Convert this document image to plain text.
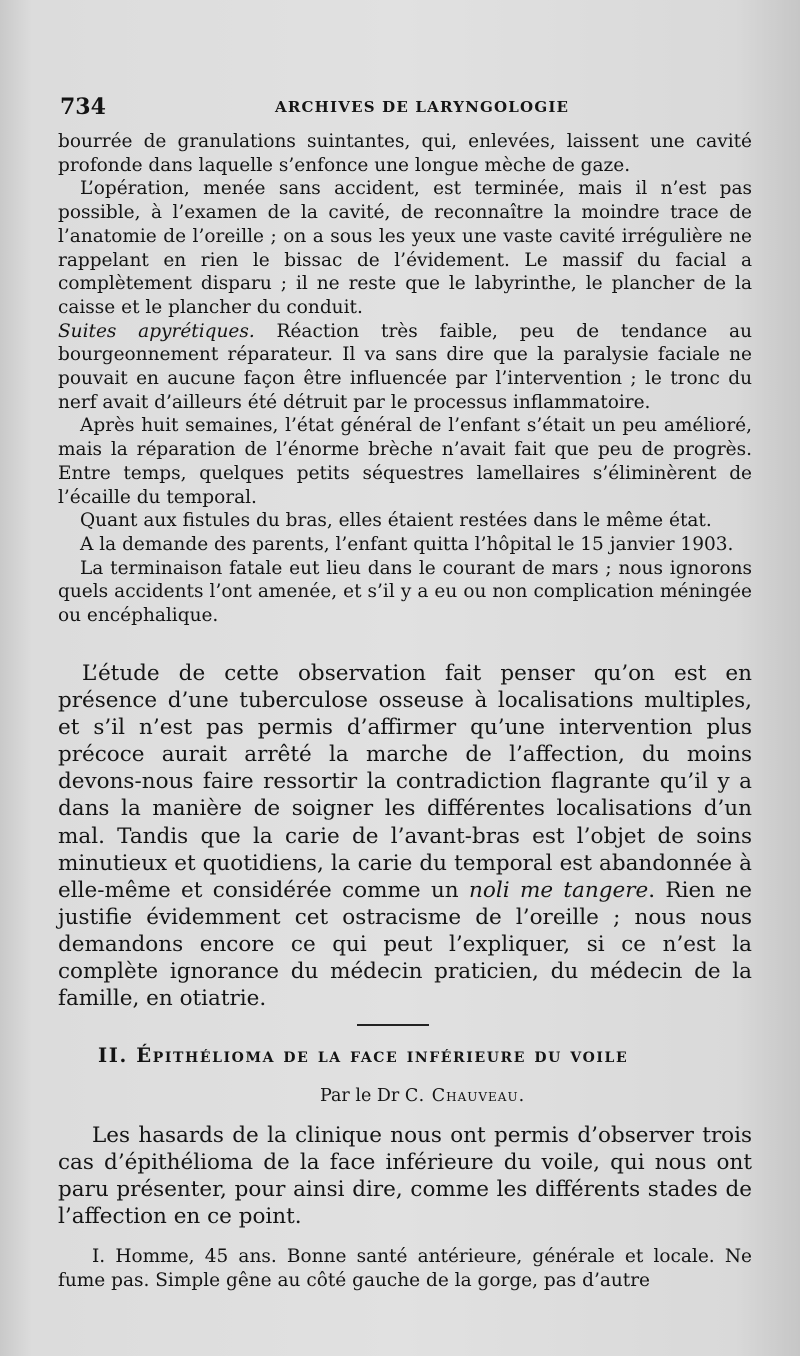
734	ARCHIVES DE LARYNGOLOGIE

bourrée de granulations suintantes, qui, enlevées, laissent une cavité profonde dans laquelle s’enfonce une longue mèche de gaze.

L’opération, menée sans accident, est terminée, mais il n’est pas possible, à l’examen de la cavité, de reconnaître la moindre trace de l’anatomie de l’oreille ; on a sous les yeux une vaste cavité irrégulière ne rappelant en rien le bissac de l’évidement. Le massif du facial a complètement disparu ; il ne reste que le labyrinthe, le plancher de la caisse et le plancher du conduit.

Suites apyrétiques. Réaction très faible, peu de tendance au bourgeonnement réparateur. Il va sans dire que la paralysie faciale ne pouvait en aucune façon être influencée par l’intervention ; le tronc du nerf avait d’ailleurs été détruit par le processus inflammatoire.

Après huit semaines, l’état général de l’enfant s’était un peu amélioré, mais la réparation de l’énorme brèche n’avait fait que peu de progrès. Entre temps, quelques petits séquestres lamellaires s’éliminèrent de l’écaille du temporal.

Quant aux fistules du bras, elles étaient restées dans le même état.

A la demande des parents, l’enfant quitta l’hôpital le 15 janvier 1903.

La terminaison fatale eut lieu dans le courant de mars ; nous ignorons quels accidents l’ont amenée, et s’il y a eu ou non complication méningée ou encéphalique.

L’étude de cette observation fait penser qu’on est en présence d’une tuberculose osseuse à localisations multiples, et s’il n’est pas permis d’affirmer qu’une intervention plus précoce aurait arrêté la marche de l’affection, du moins devons-nous faire ressortir la contradiction flagrante qu’il y a dans la manière de soigner les différentes localisations d’un mal. Tandis que la carie de l’avant-bras est l’objet de soins minutieux et quotidiens, la carie du temporal est abandonnée à elle-même et considérée comme un noli me tangere. Rien ne justifie évidemment cet ostracisme de l’oreille ; nous nous demandons encore ce qui peut l’expliquer, si ce n’est la complète ignorance du médecin praticien, du médecin de la famille, en otiatrie.

II. Épithélioma de la face inférieure du voile
Par le Dr C. Chauveau.

Les hasards de la clinique nous ont permis d’observer trois cas d’épithélioma de la face inférieure du voile, qui nous ont paru présenter, pour ainsi dire, comme les différents stades de l’affection en ce point.

I. Homme, 45 ans. Bonne santé antérieure, générale et locale. Ne fume pas. Simple gêne au côté gauche de la gorge, pas d’autre
